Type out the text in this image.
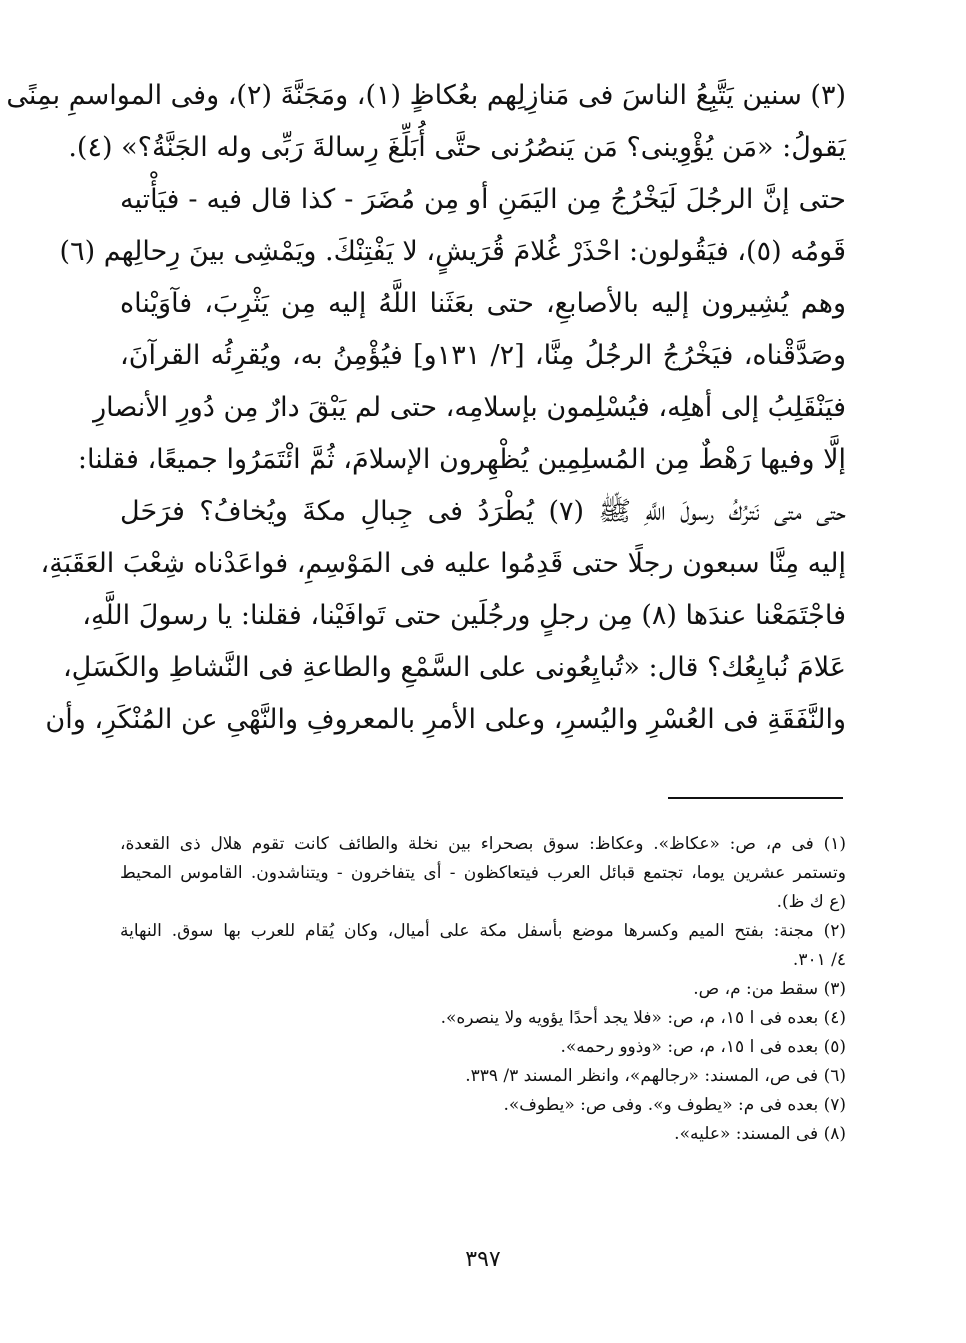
(٣) سنين يَتَّبِعُ الناسَ فى مَنازِلِهم بعُكاظٍ (١)، ومَجَنَّةَ (٢)، وفى المواسمِ بمِنًى
يَقولُ: «مَن يُؤْوِينى؟ مَن يَنصُرُنى حتَّى أُبَلِّغَ رِسالةَ رَبِّى وله الجَنَّةُ؟» (٤).
حتى إنَّ الرجُلَ لَيَخْرُجُ مِن اليَمَنِ أو مِن مُضَرَ - كذا قال فيه - فيَأْتيه
قَومُه (٥)، فيَقُولون: احْذَرْ غُلامَ قُرَيشٍ، لا يَفْتِنْكَ. ويَمْشِى بينَ رِحالِهم (٦)
وهم يُشِيرون إليه بالأصابعِ، حتى بعَثَنا اللَّهُ إليه مِن يَثْرِبَ، فآوَيْناه
وصَدَّقْناه، فيَخْرُجُ الرجُلُ مِنَّا، [٢/ ١٣١و] فيُؤْمِنُ به، ويُقرِئُه القرآنَ،
فيَنْقَلِبُ إلى أهلِه، فيُسْلِمون بإسلامِه، حتى لم يَبْقَ دارٌ مِن دُورِ الأنصارِ
إلَّا وفيها رَهْطٌ مِن المُسلِمِين يُظْهِرون الإسلامَ، ثُمَّ ائْتَمَرُوا جميعًا، فقلنا:
حتى متى نَترُكُ رسولَ اللَّهِ ﷺ (٧) يُطْرَدُ فى جِبالِ مكةَ ويُخافُ؟ فرَحَل
إليه مِنَّا سبعون رجلًا حتى قَدِمُوا عليه فى المَوْسِمِ، فواعَدْناه شِعْبَ العَقَبَةِ،
فاجْتَمَعْنا عندَها (٨) مِن رجلٍ ورجُلَين حتى تَوافَيْنا، فقلنا: يا رسولَ اللَّهِ،
عَلامَ نُبايِعُك؟ قال: «تُبايِعُونى على السَّمْعِ والطاعةِ فى النَّشاطِ والكَسَلِ،
والنَّفَقَةِ فى العُسْرِ واليُسرِ، وعلى الأمرِ بالمعروفِ والنَّهْىِ عن المُنْكَرِ، وأن
(١) فى م، ص: «عكاظ». وعكاظ: سوق بصحراء بين نخلة والطائف كانت تقوم هلال ذى القعدة،
وتستمر عشرين يوما، تجتمع قبائل العرب فيتعاكظون - أى يتفاخرون - ويتناشدون. القاموس المحيط
(ع ك ظ).
(٢) مجنة: بفتح الميم وكسرها موضع بأسفل مكة على أميال، وكان يُقام للعرب بها سوق. النهاية
٤/ ٣٠١.
(٣) سقط من: م، ص.
(٤) بعده فى ا ١٥، م، ص: «فلا يجد أحدًا يؤويه ولا ينصره».
(٥) بعده فى ا ١٥، م، ص: «وذوو رحمه».
(٦) فى ص، المسند: «رجالهم»، وانظر المسند ٣/ ٣٣٩.
(٧) بعده فى م: «يطوف و». وفى ص: «يطوف».
(٨) فى المسند: «عليه».
٣٩٧
